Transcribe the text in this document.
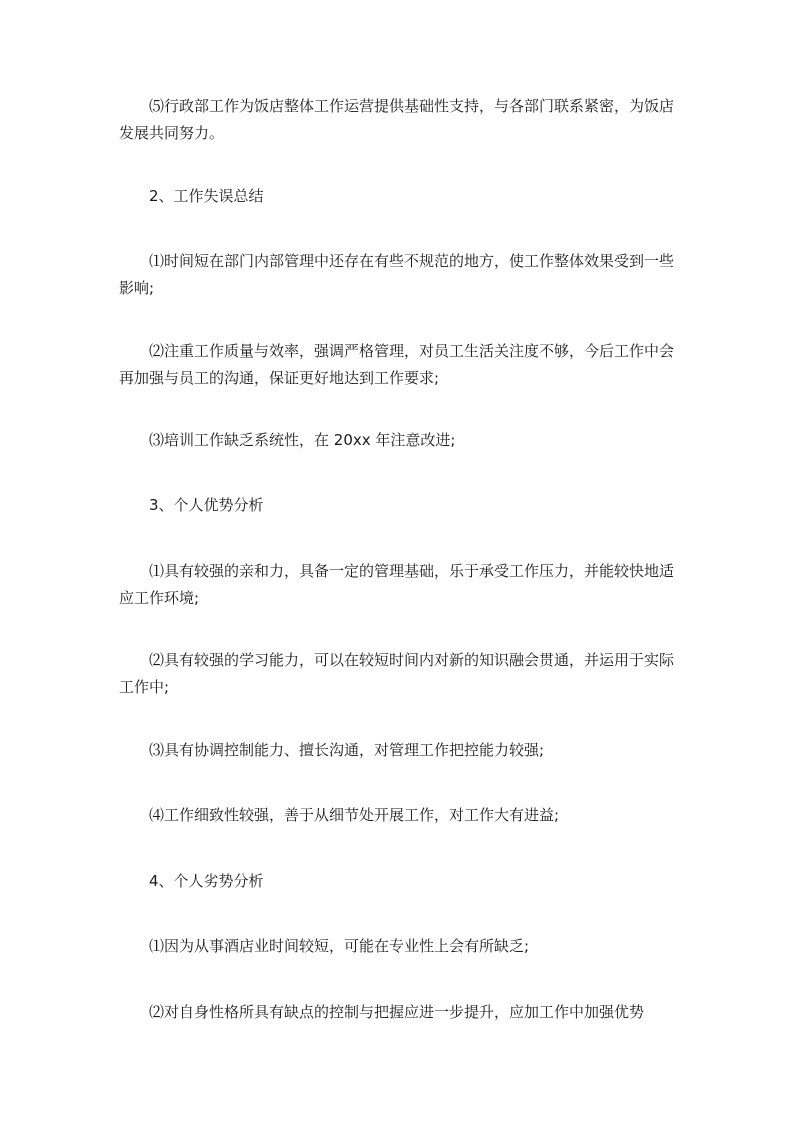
⑸行政部工作为饭店整体工作运营提供基础性支持，与各部门联系紧密，为饭店发展共同努力。

2、工作失误总结

⑴时间短在部门内部管理中还存在有些不规范的地方，使工作整体效果受到一些影响;

⑵注重工作质量与效率，强调严格管理，对员工生活关注度不够，今后工作中会再加强与员工的沟通，保证更好地达到工作要求;

⑶培训工作缺乏系统性，在 20xx 年注意改进;

3、个人优势分析

⑴具有较强的亲和力，具备一定的管理基础，乐于承受工作压力，并能较快地适应工作环境;

⑵具有较强的学习能力，可以在较短时间内对新的知识融会贯通，并运用于实际工作中;

⑶具有协调控制能力、擅长沟通，对管理工作把控能力较强;

⑷工作细致性较强，善于从细节处开展工作，对工作大有进益;

4、个人劣势分析

⑴因为从事酒店业时间较短，可能在专业性上会有所缺乏;

⑵对自身性格所具有缺点的控制与把握应进一步提升，应加工作中加强优势
